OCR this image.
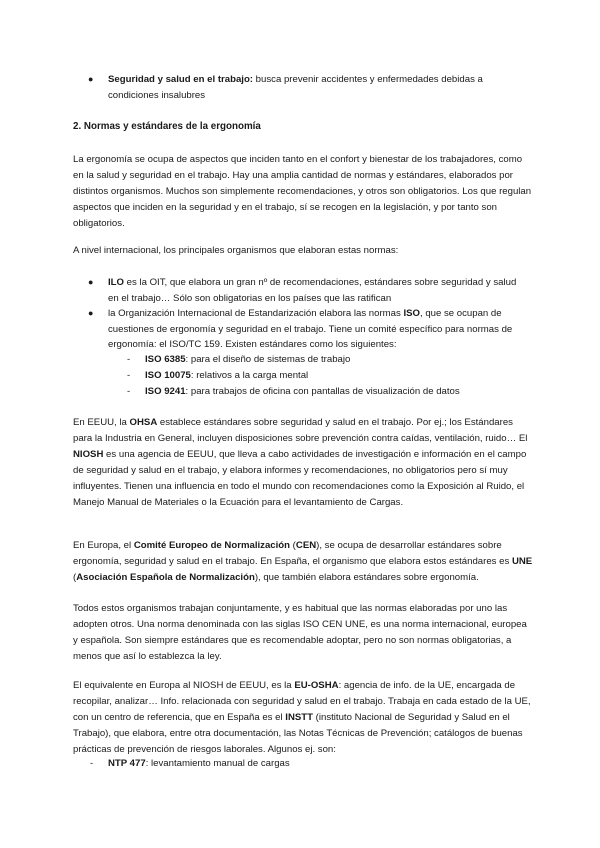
● Seguridad y salud en el trabajo: busca prevenir accidentes y enfermedades debidas a condiciones insalubres

2. Normas y estándares de la ergonomía

La ergonomía se ocupa de aspectos que inciden tanto en el confort y bienestar de los trabajadores, como en la salud y seguridad en el trabajo. Hay una amplia cantidad de normas y estándares, elaborados por distintos organismos. Muchos son simplemente recomendaciones, y otros son obligatorios. Los que regulan aspectos que inciden en la seguridad y en el trabajo, sí se recogen en la legislación, y por tanto son obligatorios.

A nivel internacional, los principales organismos que elaboran estas normas:

● ILO es la OIT, que elabora un gran nº de recomendaciones, estándares sobre seguridad y salud en el trabajo… Sólo son obligatorias en los países que las ratifican

● la Organización Internacional de Estandarización elabora las normas ISO, que se ocupan de cuestiones de ergonomía y seguridad en el trabajo. Tiene un comité específico para normas de ergonomía: el ISO/TC 159. Existen estándares como los siguientes:

- ISO 6385: para el diseño de sistemas de trabajo

- ISO 10075: relativos a la carga mental

- ISO 9241: para trabajos de oficina con pantallas de visualización de datos

En EEUU, la OHSA establece estándares sobre seguridad y salud en el trabajo. Por ej.; los Estándares para la Industria en General, incluyen disposiciones sobre prevención contra caídas, ventilación, ruido… El NIOSH es una agencia de EEUU, que lleva a cabo actividades de investigación e información en el campo de seguridad y salud en el trabajo, y elabora informes y recomendaciones, no obligatorios pero sí muy influyentes. Tienen una influencia en todo el mundo con recomendaciones como la Exposición al Ruido, el Manejo Manual de Materiales o la Ecuación para el levantamiento de Cargas.

En Europa, el Comité Europeo de Normalización (CEN), se ocupa de desarrollar estándares sobre ergonomía, seguridad y salud en el trabajo. En España, el organismo que elabora estos estándares es UNE (Asociación Española de Normalización), que también elabora estándares sobre ergonomía.

Todos estos organismos trabajan conjuntamente, y es habitual que las normas elaboradas por uno las adopten otros. Una norma denominada con las siglas ISO CEN UNE, es una norma internacional, europea y española. Son siempre estándares que es recomendable adoptar, pero no son normas obligatorias, a menos que así lo establezca la ley.

El equivalente en Europa al NIOSH de EEUU, es la EU-OSHA: agencia de info. de la UE, encargada de recopilar, analizar… Info. relacionada con seguridad y salud en el trabajo. Trabaja en cada estado de la UE, con un centro de referencia, que en España es el INSTT (instituto Nacional de Seguridad y Salud en el Trabajo), que elabora, entre otra documentación, las Notas Técnicas de Prevención; catálogos de buenas prácticas de prevención de riesgos laborales. Algunos ej. son:

- NTP 477: levantamiento manual de cargas
